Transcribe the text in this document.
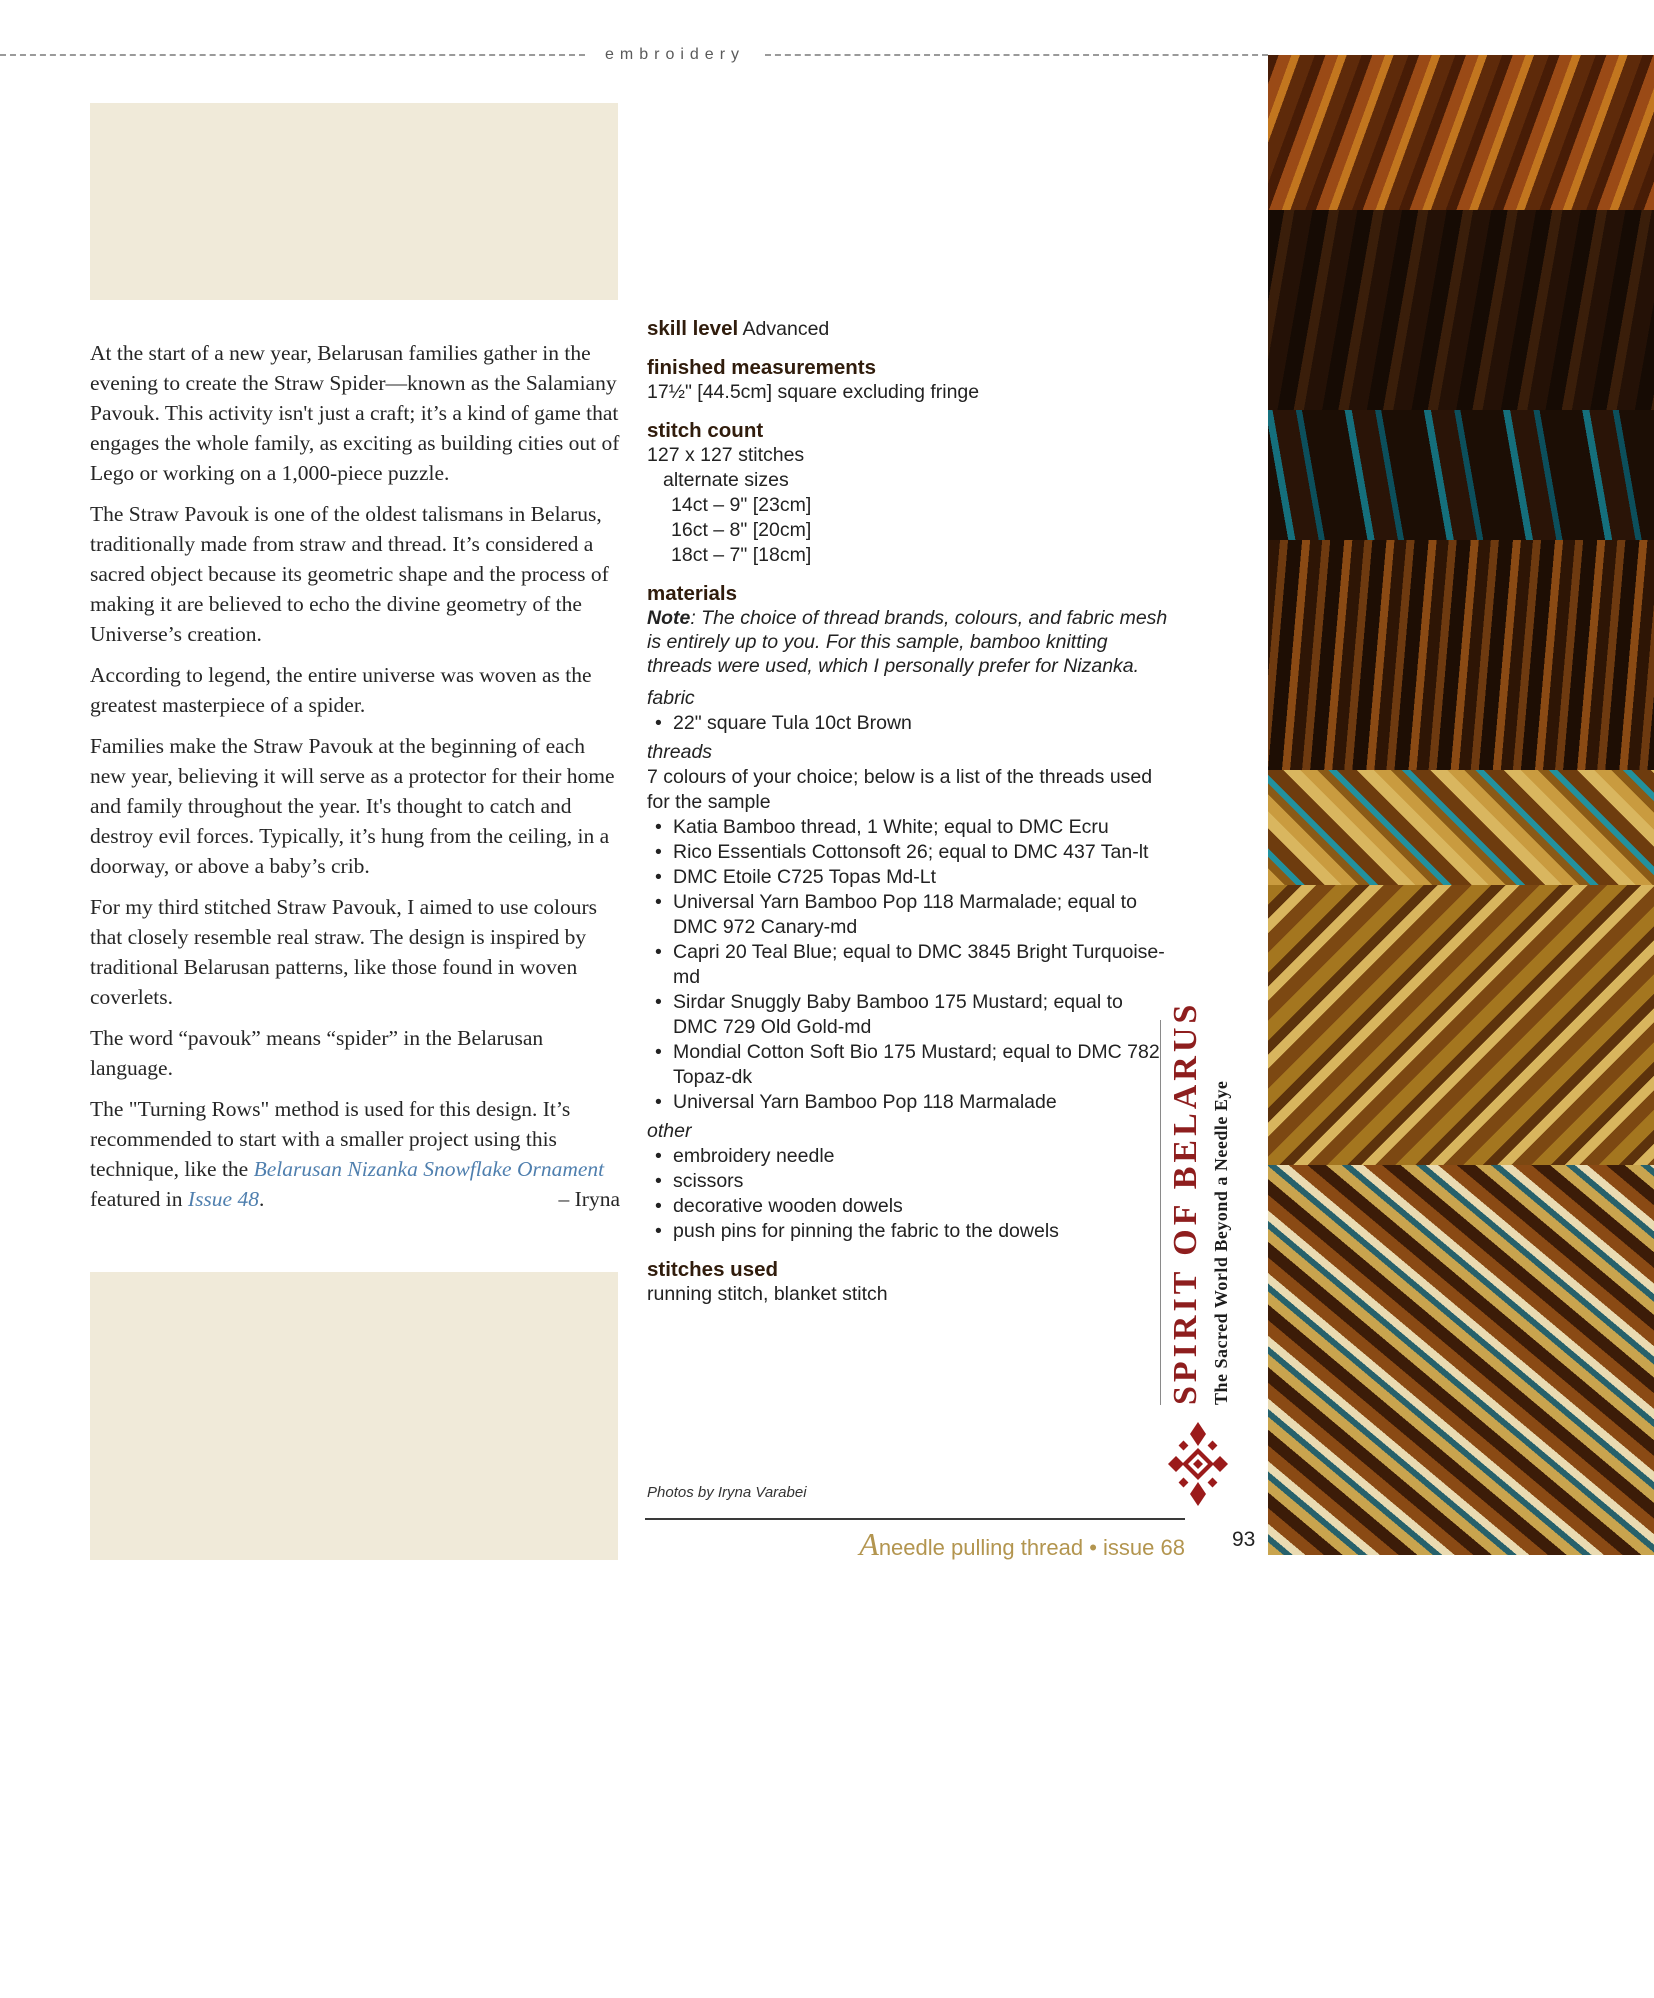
embroidery

At the start of a new year, Belarusan families gather in the evening to create the Straw Spider—known as the Salamiany Pavouk. This activity isn't just a craft; it’s a kind of game that engages the whole family, as exciting as building cities out of Lego or working on a 1,000-piece puzzle.

The Straw Pavouk is one of the oldest talismans in Belarus, traditionally made from straw and thread. It’s considered a sacred object because its geometric shape and the process of making it are believed to echo the divine geometry of the Universe’s creation.

According to legend, the entire universe was woven as the greatest masterpiece of a spider.

Families make the Straw Pavouk at the beginning of each new year, believing it will serve as a protector for their home and family throughout the year. It's thought to catch and destroy evil forces. Typically, it’s hung from the ceiling, in a doorway, or above a baby’s crib.

For my third stitched Straw Pavouk, I aimed to use colours that closely resemble real straw. The design is inspired by traditional Belarusan patterns, like those found in woven coverlets.

The word “pavouk” means “spider” in the Belarusan language.

The "Turning Rows" method is used for this design. It’s recommended to start with a smaller project using this technique, like the Belarusan Nizanka Snowflake Ornament featured in Issue 48.	– Iryna

skill level Advanced
finished measurements
17½" [44.5cm] square excluding fringe
stitch count
127 x 127 stitches
alternate sizes
14ct – 9" [23cm]
16ct – 8" [20cm]
18ct – 7" [18cm]
materials

Note: The choice of thread brands, colours, and fabric mesh is entirely up to you. For this sample, bamboo knitting threads were used, which I personally prefer for Nizanka.

fabric
• 22" square Tula 10ct Brown
threads
7 colours of your choice; below is a list of the threads used for the sample
• Katia Bamboo thread, 1 White; equal to DMC Ecru
• Rico Essentials Cottonsoft 26; equal to DMC 437 Tan-lt
• DMC Etoile C725 Topas Md-Lt
• Universal Yarn Bamboo Pop 118 Marmalade; equal to DMC 972 Canary-md
• Capri 20 Teal Blue; equal to DMC 3845 Bright Turquoise-md
• Sirdar Snuggly Baby Bamboo 175 Mustard; equal to DMC 729 Old Gold-md
• Mondial Cotton Soft Bio 175 Mustard; equal to DMC 782 Topaz-dk
• Universal Yarn Bamboo Pop 118 Marmalade
other
• embroidery needle
• scissors
• decorative wooden dowels
• push pins for pinning the fabric to the dowels
stitches used
running stitch, blanket stitch	SPIRIT OF BELARUS The Sacred World Beyond a Needle Eye
Photos by Iryna Varabei
Aneedle pulling thread • issue 68 93
